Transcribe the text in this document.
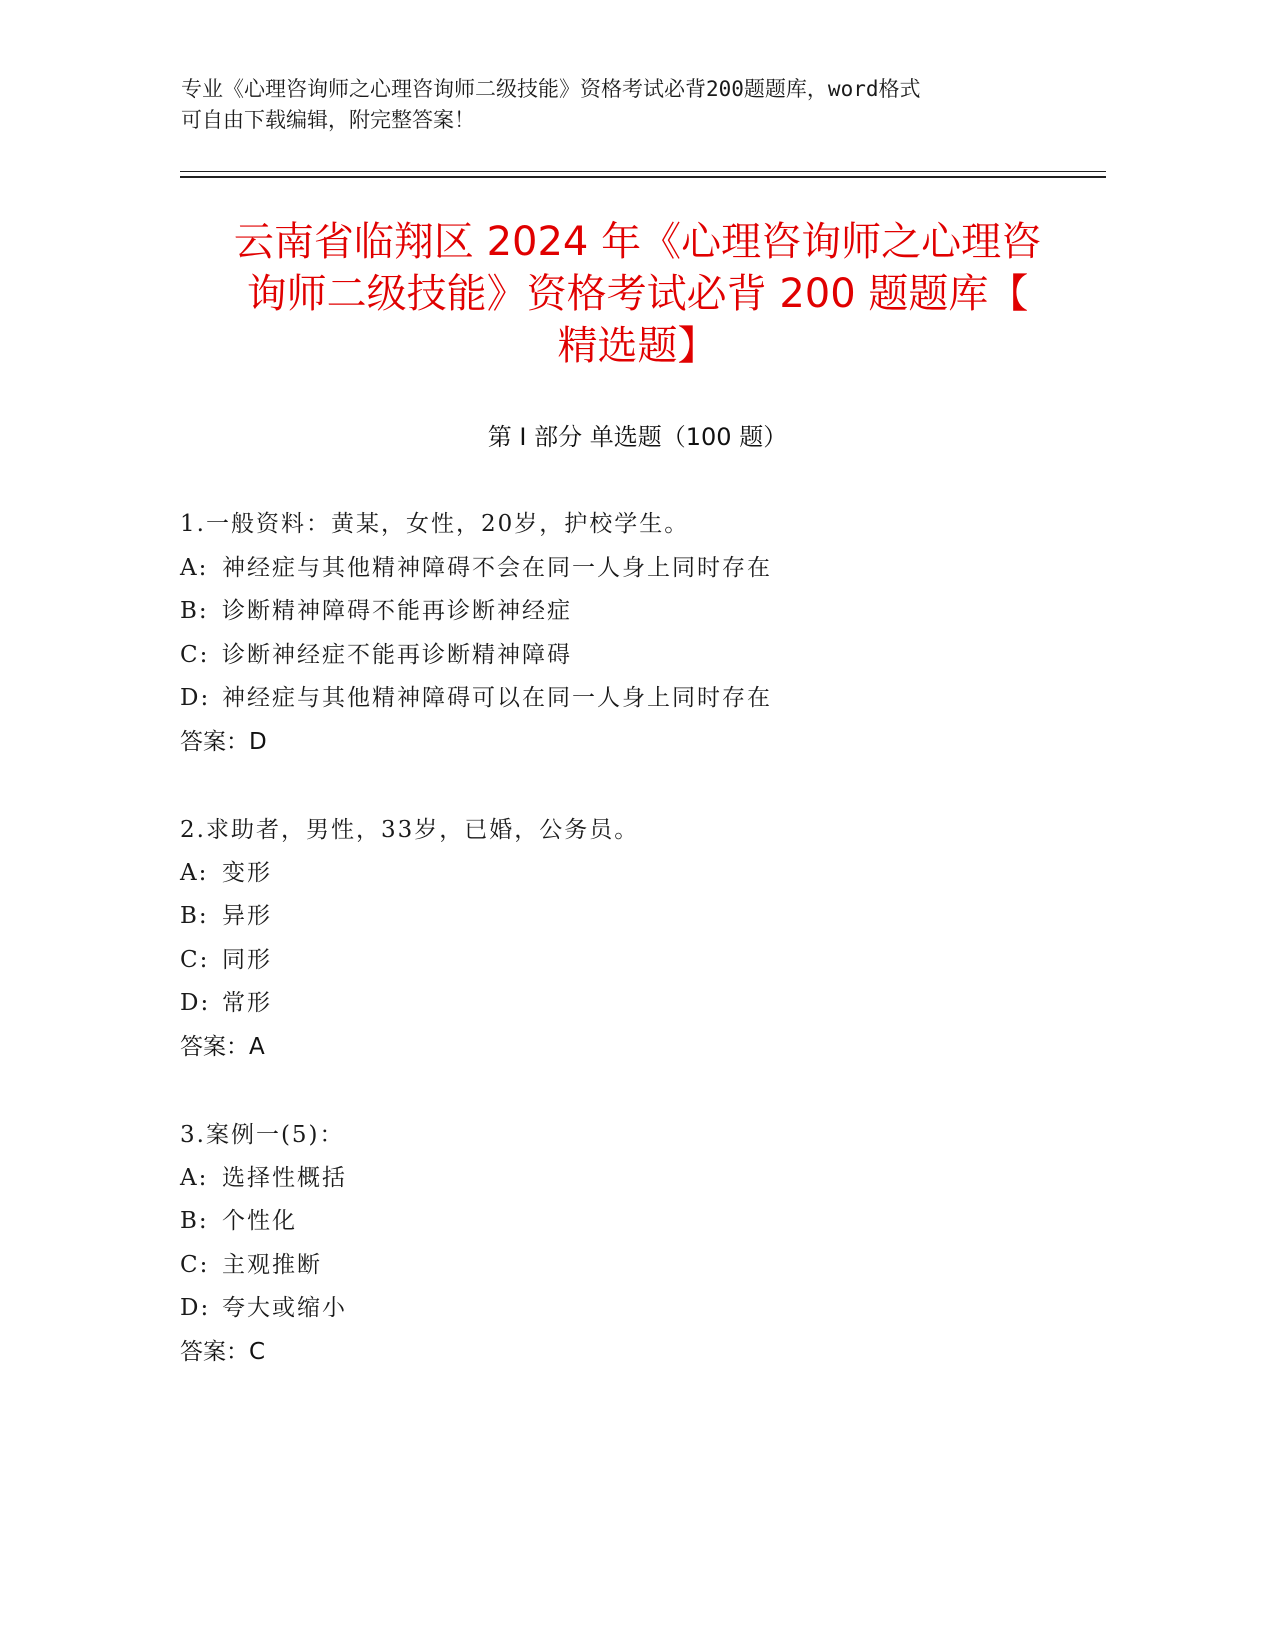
专业《心理咨询师之心理咨询师二级技能》资格考试必背200题题库，word格式
可自由下载编辑，附完整答案！
云南省临翔区 2024 年《心理咨询师之心理咨
询师二级技能》资格考试必背 200 题题库【
精选题】
第 I 部分 单选题（100 题）
1.一般资料：黄某，女性，20岁，护校学生。
A: 神经症与其他精神障碍不会在同一人身上同时存在
B: 诊断精神障碍不能再诊断神经症
C: 诊断神经症不能再诊断精神障碍
D: 神经症与其他精神障碍可以在同一人身上同时存在
答案：D
2.求助者，男性，33岁，已婚，公务员。
A: 变形
B: 异形
C: 同形
D: 常形
答案：A
3.案例一(5)：
A: 选择性概括
B: 个性化
C: 主观推断
D: 夸大或缩小
答案：C
